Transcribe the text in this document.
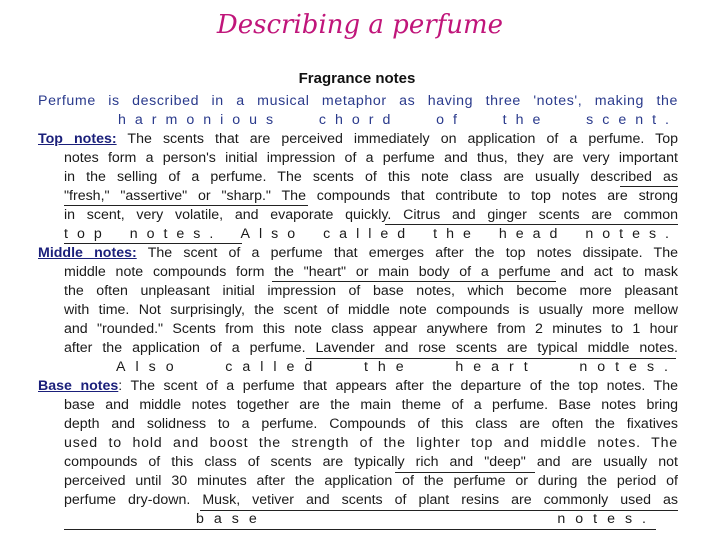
Describing a perfume
Fragrance notes
Perfume is described in a musical metaphor as having three 'notes', making the
harmonious chord of the scent.
Top notes: The scents that are perceived immediately on application of a perfume. Top
notes form a person's initial impression of a perfume and thus, they are very important
in the selling of a perfume. The scents of this note class are usually described as
"fresh," "assertive" or "sharp." The compounds that contribute to top notes are strong
in scent, very volatile, and evaporate quickly. Citrus and ginger scents are common
top notes. Also called the head notes.
Middle notes: The scent of a perfume that emerges after the top notes dissipate. The
middle note compounds form the "heart" or main body of a perfume and act to mask
the often unpleasant initial impression of base notes, which become more pleasant
with time. Not surprisingly, the scent of middle note compounds is usually more mellow
and "rounded." Scents from this note class appear anywhere from 2 minutes to 1 hour
after the application of a perfume. Lavender and rose scents are typical middle notes.
Also called the heart notes.
Base notes: The scent of a perfume that appears after the departure of the top notes. The
base and middle notes together are the main theme of a perfume. Base notes bring
depth and solidness to a perfume. Compounds of this class are often the fixatives
used to hold and boost the strength of the lighter top and middle notes. The
compounds of this class of scents are typically rich and "deep" and are usually not
perceived until 30 minutes after the application of the perfume or during the period of
perfume dry-down. Musk, vetiver and scents of plant resins are commonly used as
base notes.
